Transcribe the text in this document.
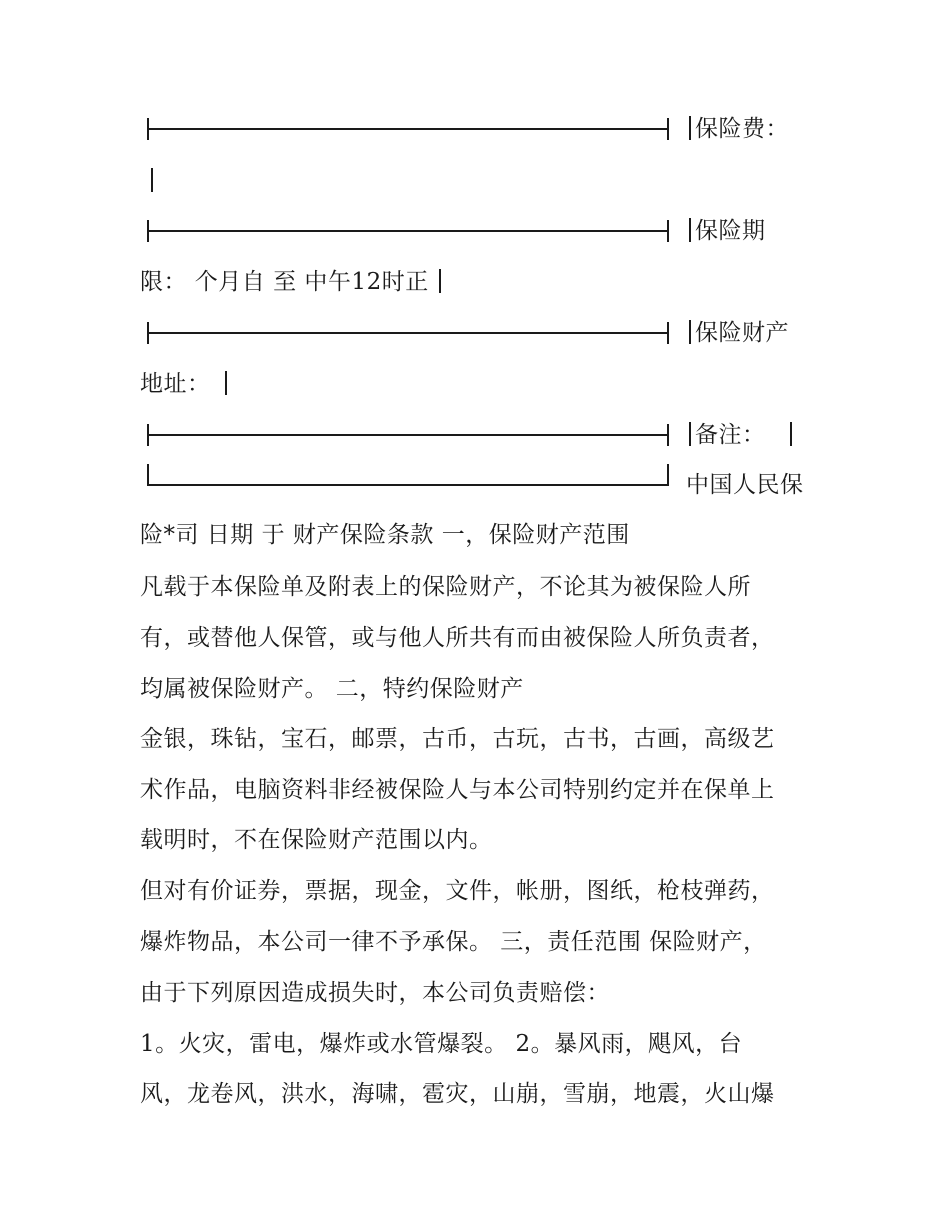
保险费：
保险期
限： 个月自 至 中午12时正
保险财产
地址：
备注：
中国人民保
险*司 日期 于 财产保险条款 一，保险财产范围
凡载于本保险单及附表上的保险财产，不论其为被保险人所
有，或替他人保管，或与他人所共有而由被保险人所负责者，
均属被保险财产。 二，特约保险财产
金银，珠钻，宝石，邮票，古币，古玩，古书，古画，高级艺
术作品，电脑资料非经被保险人与本公司特别约定并在保单上
载明时，不在保险财产范围以内。
但对有价证券，票据，现金，文件，帐册，图纸，枪枝弹药，
爆炸物品，本公司一律不予承保。 三，责任范围 保险财产，
由于下列原因造成损失时，本公司负责赔偿：
1。火灾，雷电，爆炸或水管爆裂。 2。暴风雨，飓风，台
风，龙卷风，洪水，海啸，雹灾，山崩，雪崩，地震，火山爆
